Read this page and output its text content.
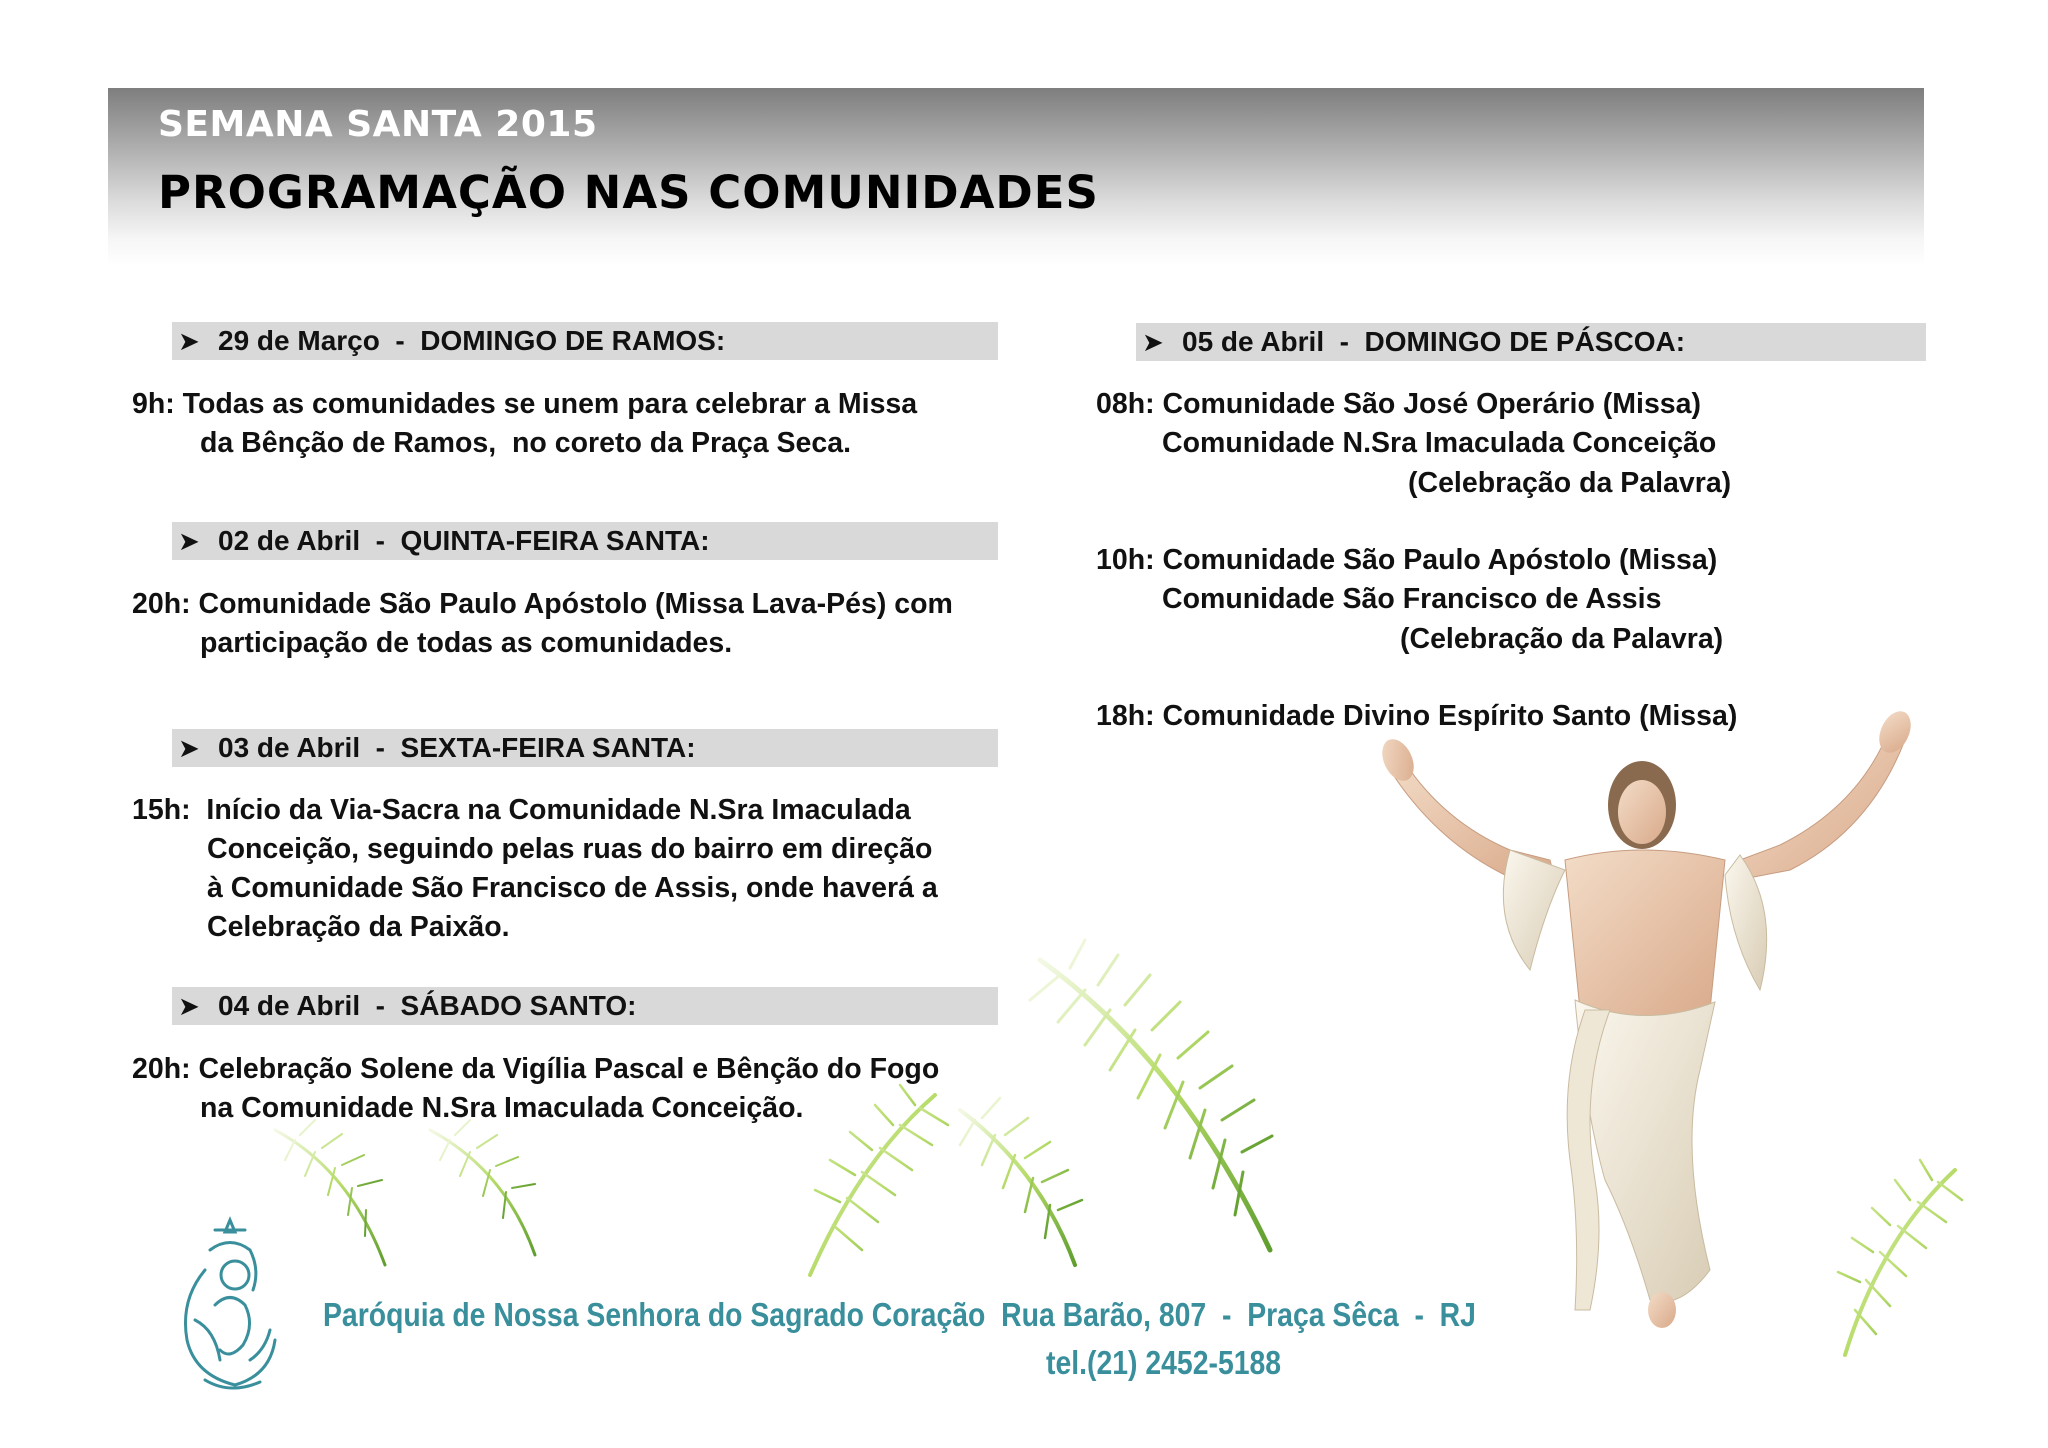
SEMANA SANTA 2015
PROGRAMAÇÃO NAS COMUNIDADES
➤ 29 de Março  -  DOMINGO DE RAMOS:
9h: Todas as comunidades se unem para celebrar a Missa
da Bênção de Ramos,  no coreto da Praça Seca.
➤ 02 de Abril  -  QUINTA-FEIRA SANTA:
20h: Comunidade São Paulo Apóstolo (Missa Lava-Pés) com
participação de todas as comunidades.
➤ 03 de Abril  -  SEXTA-FEIRA SANTA:
15h:  Início da Via-Sacra na Comunidade N.Sra Imaculada
Conceição, seguindo pelas ruas do bairro em direção
à Comunidade São Francisco de Assis, onde haverá a
Celebração da Paixão.
➤ 04 de Abril  -  SÁBADO SANTO:
20h: Celebração Solene da Vigília Pascal e Bênção do Fogo
na Comunidade N.Sra Imaculada Conceição.
➤ 05 de Abril  -  DOMINGO DE PÁSCOA:
08h: Comunidade São José Operário (Missa)
Comunidade N.Sra Imaculada Conceição
(Celebração da Palavra)
10h: Comunidade São Paulo Apóstolo (Missa)
Comunidade São Francisco de Assis
(Celebração da Palavra)
18h: Comunidade Divino Espírito Santo (Missa)
Paróquia de Nossa Senhora do Sagrado Coração  Rua Barão, 807  -  Praça Sêca  -  RJ
tel.(21) 2452-5188
